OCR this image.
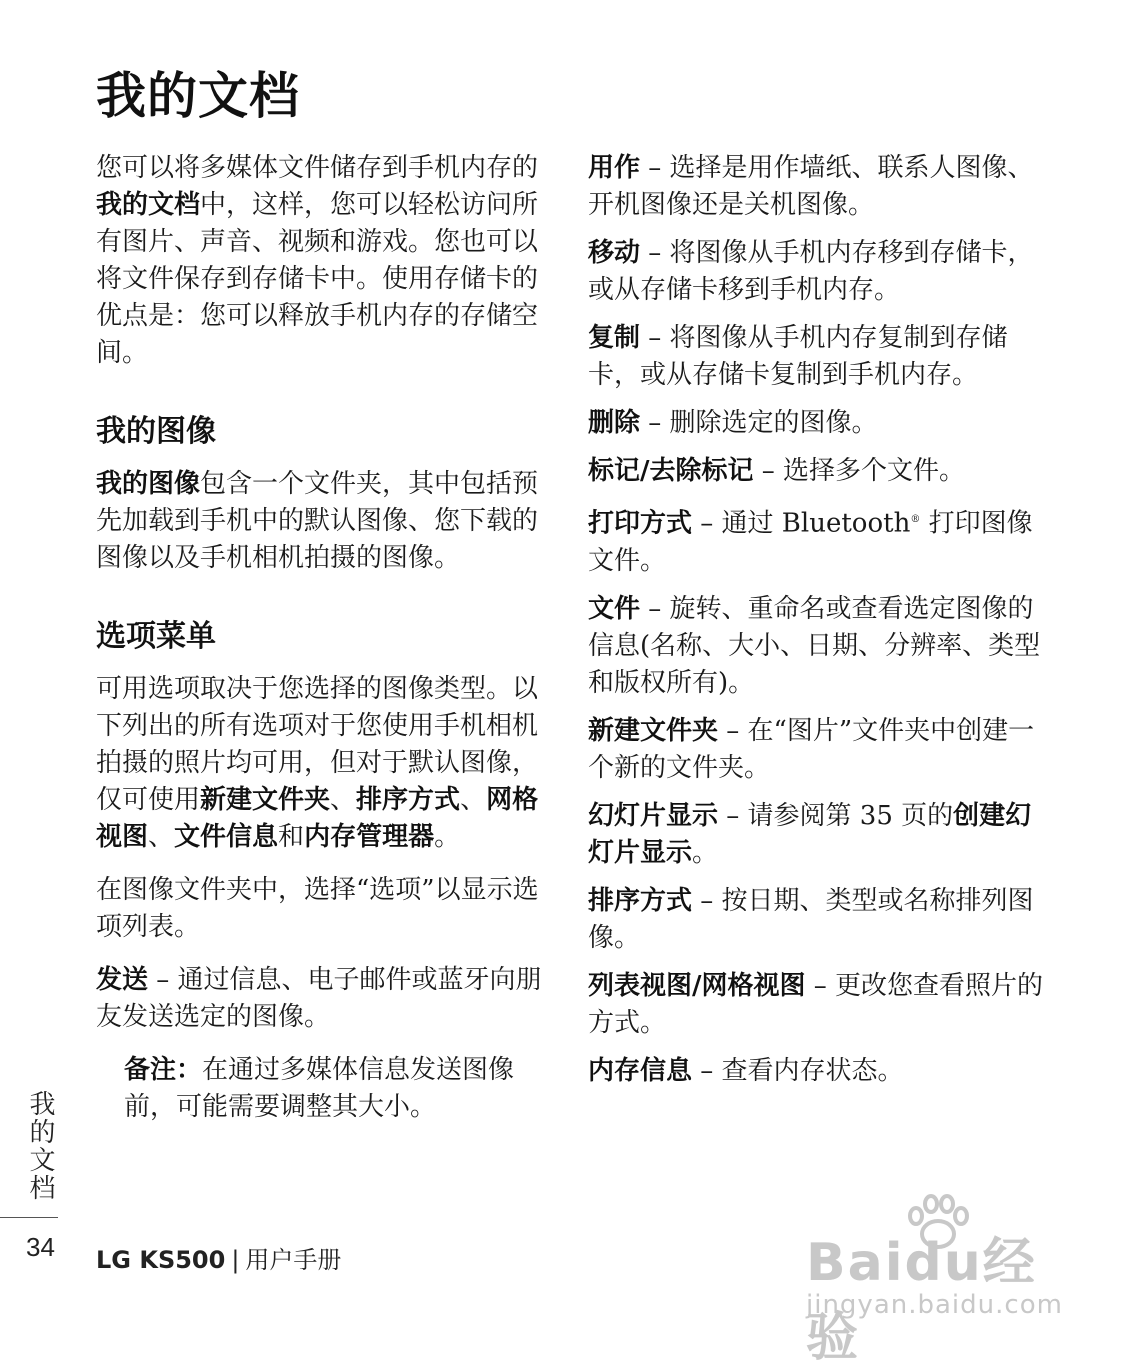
我的文档

您可以将多媒体文件储存到手机内存的我的文档中，这样，您可以轻松访问所有图片、声音、视频和游戏。您也可以将文件保存到存储卡中。使用存储卡的优点是：您可以释放手机内存的存储空间。

我的图像

我的图像包含一个文件夹，其中包括预先加载到手机中的默认图像、您下载的图像以及手机相机拍摄的图像。

选项菜单

可用选项取决于您选择的图像类型。以下列出的所有选项对于您使用手机相机拍摄的照片均可用，但对于默认图像，仅可使用新建文件夹、排序方式、网格视图、文件信息和内存管理器。

在图像文件夹中，选择“选项”以显示选项列表。

发送 – 通过信息、电子邮件或蓝牙向朋友发送选定的图像。

备注：在通过多媒体信息发送图像前，可能需要调整其大小。

用作 – 选择是用作墙纸、联系人图像、开机图像还是关机图像。

移动 – 将图像从手机内存移到存储卡，或从存储卡移到手机内存。

复制 – 将图像从手机内存复制到存储卡，或从存储卡复制到手机内存。

删除 – 删除选定的图像。

标记/去除标记 – 选择多个文件。

打印方式 – 通过 Bluetooth® 打印图像文件。

文件 – 旋转、重命名或查看选定图像的信息(名称、大小、日期、分辨率、类型和版权所有)。

新建文件夹 – 在“图片”文件夹中创建一个新的文件夹。

幻灯片显示 – 请参阅第 35 页的创建幻灯片显示。

排序方式 – 按日期、类型或名称排列图像。

列表视图/网格视图 – 更改您查看照片的方式。

内存信息 – 查看内存状态。

我的文档
34 LG KS500 | 用户手册	Baidu经验
jingyan.baidu.com
